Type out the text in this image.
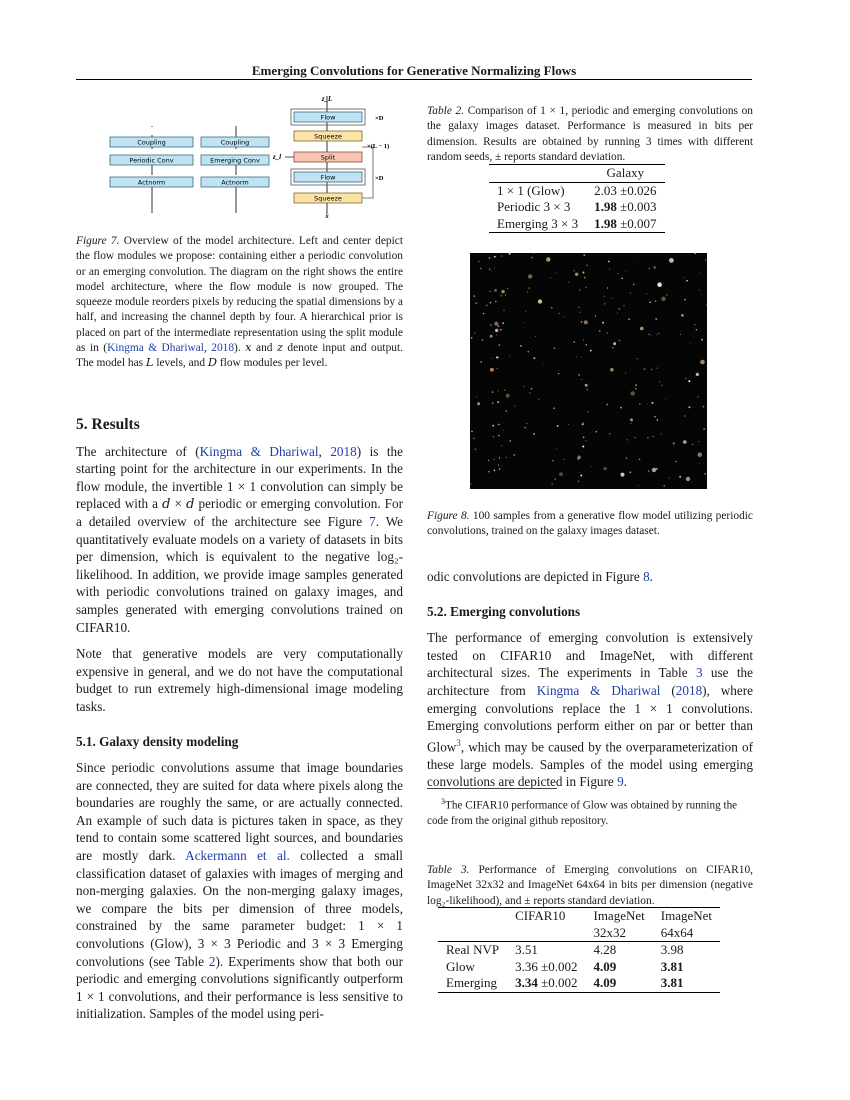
Emerging Convolutions for Generative Normalizing Flows
Coupling
Periodic Conv
Actnorm
Coupling
Emerging Conv
Actnorm
Flow
Squeeze
Split
Flow
Squeeze
z_L
z_l
x
×D
×D
×(L − 1)
Figure 7. Overview of the model architecture. Left and center depict the flow modules we propose: containing either a periodic convolution or an emerging convolution. The diagram on the right shows the entire model architecture, where the flow module is now grouped. The squeeze module reorders pixels by reducing the spatial dimensions by a half, and increasing the channel depth by four. A hierarchical prior is placed on part of the intermediate representation using the split module as in (Kingma & Dhariwal, 2018). 𝑥 and 𝑧 denote input and output. The model has 𝐿 levels, and 𝐷 flow modules per level.
5. Results

The architecture of (Kingma & Dhariwal, 2018) is the starting point for the architecture in our experiments. In the flow module, the invertible 1 × 1 convolution can simply be replaced with a 𝑑 × 𝑑 periodic or emerging convolution. For a detailed overview of the architecture see Figure 7. We quantitatively evaluate models on a variety of datasets in bits per dimension, which is equivalent to the negative log₂-likelihood. In addition, we provide image samples generated with periodic convolutions trained on galaxy images, and samples generated with emerging convolutions trained on CIFAR10.

Note that generative models are very computationally expensive in general, and we do not have the computational budget to run extremely high-dimensional image modeling tasks.

5.1. Galaxy density modeling

Since periodic convolutions assume that image boundaries are connected, they are suited for data where pixels along the boundaries are roughly the same, or are actually connected. An example of such data is pictures taken in space, as they tend to contain some scattered light sources, and boundaries are mostly dark. Ackermann et al. collected a small classification dataset of galaxies with images of merging and non-merging galaxies. On the non-merging galaxy images, we compare the bits per dimension of three models, constrained by the same parameter budget: 1 × 1 convolutions (Glow), 3 × 3 Periodic and 3 × 3 Emerging convolutions (see Table 2). Experiments show that both our periodic and emerging convolutions significantly outperform 1 × 1 convolutions, and their performance is less sensitive to initialization. Samples of the model using peri-

Table 2. Comparison of 1 × 1, periodic and emerging convolutions on the galaxy images dataset. Performance is measured in bits per dimension. Results are obtained by running 3 times with different random seeds, ± reports standard deviation.
	Galaxy
1 × 1 (Glow)	2.03 ±0.026
Periodic 3 × 3	1.98 ±0.003
Emerging 3 × 3	1.98 ±0.007
Figure 8. 100 samples from a generative flow model utilizing periodic convolutions, trained on the galaxy images dataset.

odic convolutions are depicted in Figure 8.

5.2. Emerging convolutions

The performance of emerging convolution is extensively tested on CIFAR10 and ImageNet, with different architectural sizes. The experiments in Table 3 use the architecture from Kingma & Dhariwal (2018), where emerging convolutions replace the 1 × 1 convolutions. Emerging convolutions perform either on par or better than Glow$^3$, which may be caused by the overparameterization of these large models. Samples of the model using emerging convolutions are depicted in Figure 9.

$^3$The CIFAR10 performance of Glow was obtained by running the code from the original github repository.
Table 3. Performance of Emerging convolutions on CIFAR10, ImageNet 32x32 and ImageNet 64x64 in bits per dimension (negative log₂-likelihood), and ± reports standard deviation.
	CIFAR10	ImageNet	ImageNet
		32x32	64x64
Real NVP	3.51	4.28	3.98
Glow	3.36 ±0.002	4.09	3.81
Emerging	3.34 ±0.002	4.09	3.81
